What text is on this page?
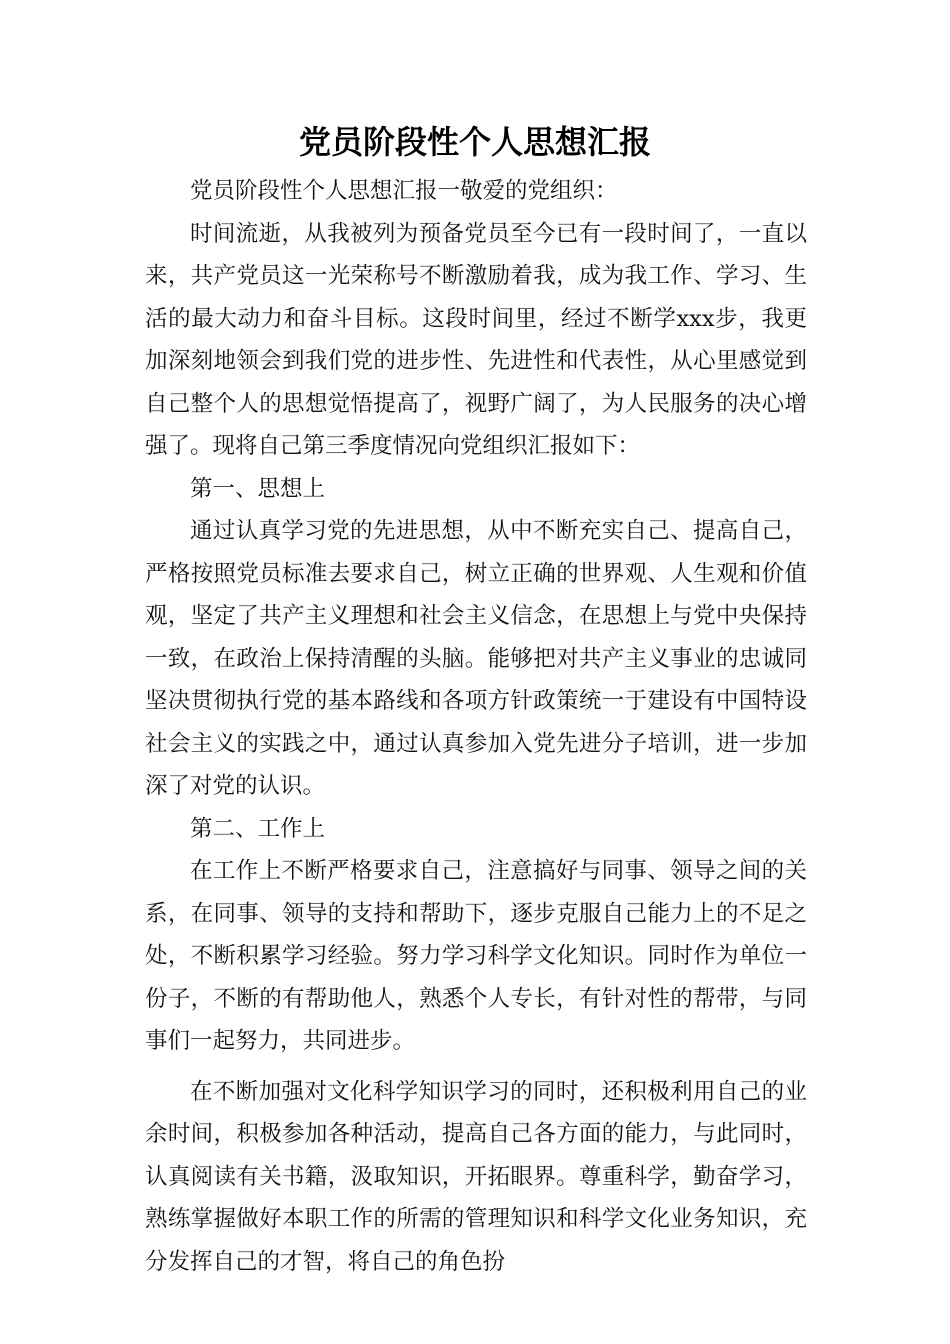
党员阶段性个人思想汇报

党员阶段性个人思想汇报一敬爱的党组织：

时间流逝，从我被列为预备党员至今已有一段时间了，一直以来，共产党员这一光荣称号不断激励着我，成为我工作、学习、生活的最大动力和奋斗目标。这段时间里，经过不断学xxx步，我更加深刻地领会到我们党的进步性、先进性和代表性，从心里感觉到自己整个人的思想觉悟提高了，视野广阔了，为人民服务的决心增强了。现将自己第三季度情况向党组织汇报如下：

第一、思想上

通过认真学习党的先进思想，从中不断充实自己、提高自己，严格按照党员标准去要求自己，树立正确的世界观、人生观和价值观，坚定了共产主义理想和社会主义信念，在思想上与党中央保持一致，在政治上保持清醒的头脑。能够把对共产主义事业的忠诚同坚决贯彻执行党的基本路线和各项方针政策统一于建设有中国特设社会主义的实践之中，通过认真参加入党先进分子培训，进一步加深了对党的认识。

第二、工作上

在工作上不断严格要求自己，注意搞好与同事、领导之间的关系，在同事、领导的支持和帮助下，逐步克服自己能力上的不足之处，不断积累学习经验。努力学习科学文化知识。同时作为单位一份子，不断的有帮助他人，熟悉个人专长，有针对性的帮带，与同事们一起努力，共同进步。

在不断加强对文化科学知识学习的同时，还积极利用自己的业余时间，积极参加各种活动，提高自己各方面的能力，与此同时，认真阅读有关书籍，汲取知识，开拓眼界。尊重科学，勤奋学习，熟练掌握做好本职工作的所需的管理知识和科学文化业务知识，充分发挥自己的才智，将自己的角色扮
